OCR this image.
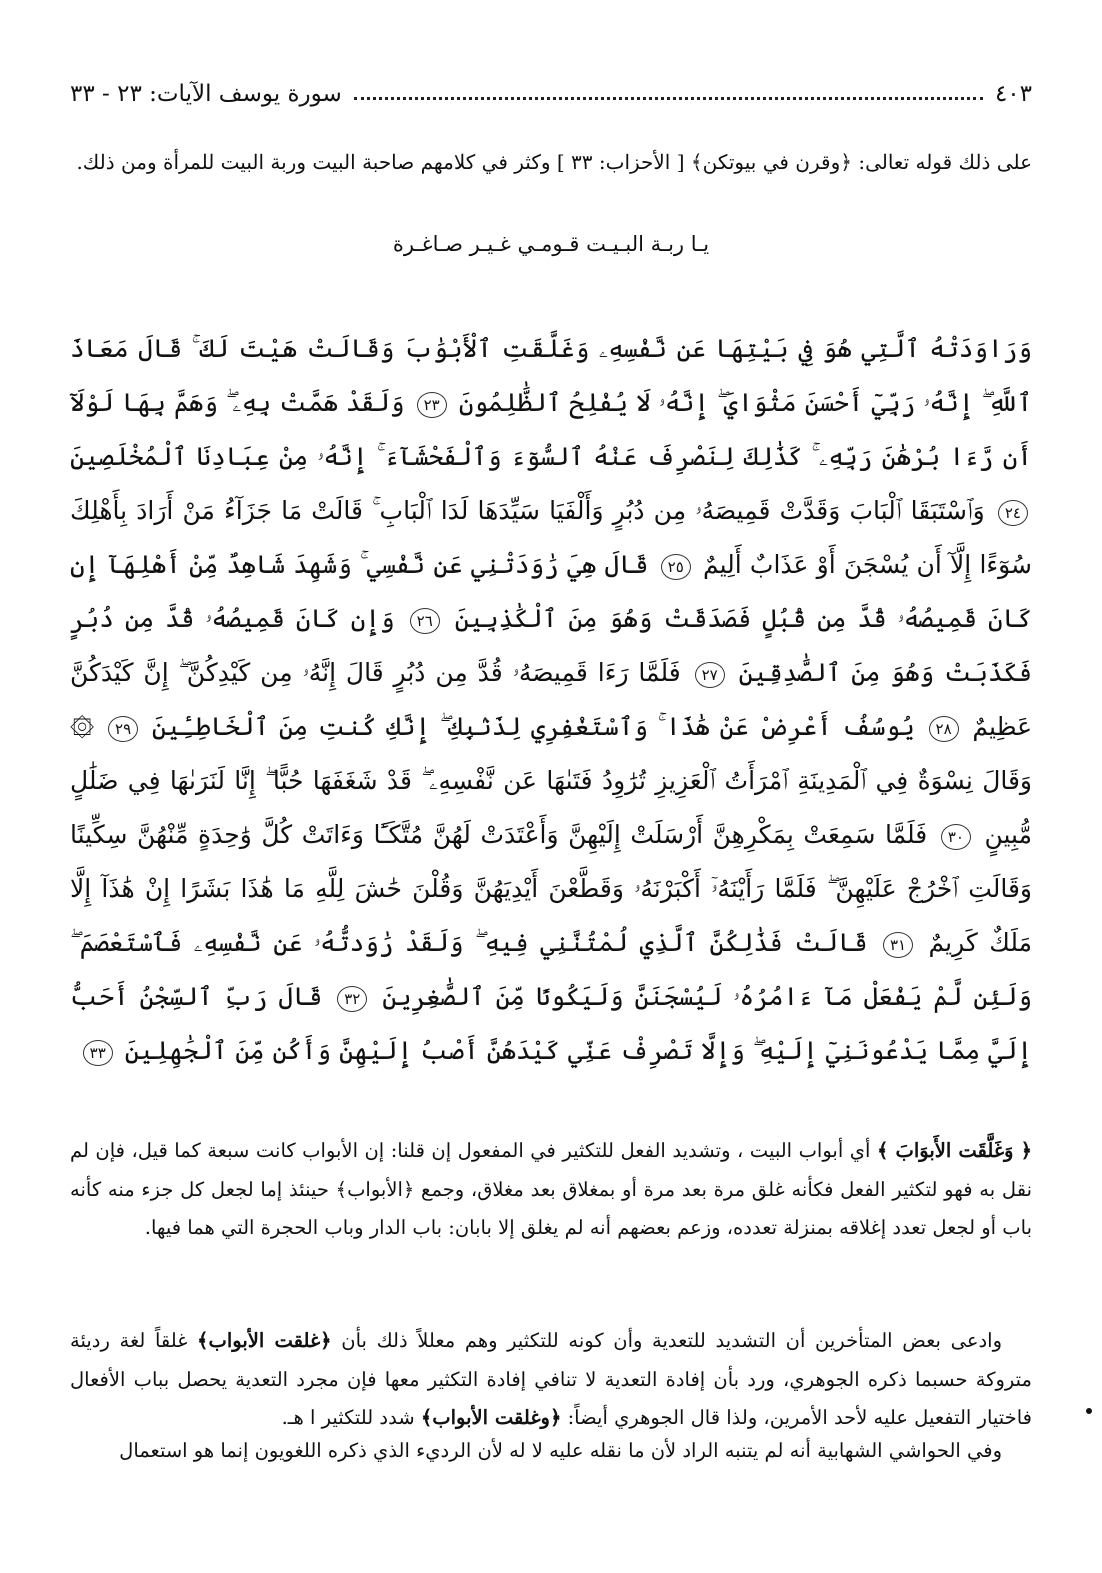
سورة يوسف الآيات: ٢٣ - ٣٣	٤٠٣
على ذلك قوله تعالى: ﴿وقرن في بيوتكن﴾ [ الأحزاب: ٣٣ ] وكثر في كلامهم صاحبة البيت وربة البيت للمرأة ومن ذلك.
يـا ربـة البـيـت قـومـي غـيـر صـاغـرة
وَرَاوَدَتْهُ ٱلَّتِي هُوَ فِي بَيْتِهَا عَن نَّفْسِهِۦ وَغَلَّقَتِ ٱلْأَبْوَٰبَ وَقَالَتْ هَيْتَ لَكَ ۚ قَالَ مَعَاذَ ٱللَّهِ ۖ إِنَّهُۥ رَبِّيٓ أَحْسَنَ مَثْوَايَ ۖ إِنَّهُۥ لَا يُفْلِحُ ٱلظَّٰلِمُونَ ٢٣ وَلَقَدْ هَمَّتْ بِهِۦ ۖ وَهَمَّ بِهَا لَوْلَآ أَن رَّءَا بُرْهَٰنَ رَبِّهِۦ ۚ كَذَٰلِكَ لِنَصْرِفَ عَنْهُ ٱلسُّوٓءَ وَٱلْفَحْشَآءَ ۚ إِنَّهُۥ مِنْ عِبَادِنَا ٱلْمُخْلَصِينَ ٢٤ وَٱسْتَبَقَا ٱلْبَابَ وَقَدَّتْ قَمِيصَهُۥ مِن دُبُرٍ وَأَلْفَيَا سَيِّدَهَا لَدَا ٱلْبَابِ ۚ قَالَتْ مَا جَزَآءُ مَنْ أَرَادَ بِأَهْلِكَ سُوٓءًا إِلَّآ أَن يُسْجَنَ أَوْ عَذَابٌ أَلِيمٌ ٢٥ قَالَ هِيَ رَٰوَدَتْنِي عَن نَّفْسِي ۚ وَشَهِدَ شَاهِدٌ مِّنْ أَهْلِهَآ إِن كَانَ قَمِيصُهُۥ قُدَّ مِن قُبُلٍ فَصَدَقَتْ وَهُوَ مِنَ ٱلْكَٰذِبِينَ ٢٦ وَإِن كَانَ قَمِيصُهُۥ قُدَّ مِن دُبُرٍ فَكَذَبَتْ وَهُوَ مِنَ ٱلصَّٰدِقِينَ ٢٧ فَلَمَّا رَءَا قَمِيصَهُۥ قُدَّ مِن دُبُرٍ قَالَ إِنَّهُۥ مِن كَيْدِكُنَّ ۖ إِنَّ كَيْدَكُنَّ عَظِيمٌ ٢٨ يُوسُفُ أَعْرِضْ عَنْ هَٰذَا ۚ وَٱسْتَغْفِرِي لِذَنۢبِكِ ۖ إِنَّكِ كُنتِ مِنَ ٱلْخَاطِـِٔينَ ٢٩ ۞ وَقَالَ نِسْوَةٌ فِي ٱلْمَدِينَةِ ٱمْرَأَتُ ٱلْعَزِيزِ تُرَٰوِدُ فَتَىٰهَا عَن نَّفْسِهِۦ ۖ قَدْ شَغَفَهَا حُبًّا ۖ إِنَّا لَنَرَىٰهَا فِي ضَلَٰلٍ مُّبِينٍ ٣٠ فَلَمَّا سَمِعَتْ بِمَكْرِهِنَّ أَرْسَلَتْ إِلَيْهِنَّ وَأَعْتَدَتْ لَهُنَّ مُتَّكَـًٔا وَءَاتَتْ كُلَّ وَٰحِدَةٍ مِّنْهُنَّ سِكِّينًا وَقَالَتِ ٱخْرُجْ عَلَيْهِنَّ ۖ فَلَمَّا رَأَيْنَهُۥٓ أَكْبَرْنَهُۥ وَقَطَّعْنَ أَيْدِيَهُنَّ وَقُلْنَ حَٰشَ لِلَّهِ مَا هَٰذَا بَشَرًا إِنْ هَٰذَآ إِلَّا مَلَكٌ كَرِيمٌ ٣١ قَالَتْ فَذَٰلِكُنَّ ٱلَّذِي لُمْتُنَّنِي فِيهِ ۖ وَلَقَدْ رَٰوَدتُّهُۥ عَن نَّفْسِهِۦ فَٱسْتَعْصَمَ ۖ وَلَئِن لَّمْ يَفْعَلْ مَآ ءَامُرُهُۥ لَيُسْجَنَنَّ وَلَيَكُونًا مِّنَ ٱلصَّٰغِرِينَ ٣٢ قَالَ رَبِّ ٱلسِّجْنُ أَحَبُّ إِلَيَّ مِمَّا يَدْعُونَنِيٓ إِلَيْهِ ۖ وَإِلَّا تَصْرِفْ عَنِّي كَيْدَهُنَّ أَصْبُ إِلَيْهِنَّ وَأَكُن مِّنَ ٱلْجَٰهِلِينَ ٣٣
﴿ وَغَلَّقَت الأَبوَابَ ﴾ أي أبواب البيت ، وتشديد الفعل للتكثير في المفعول إن قلنا: إن الأبواب كانت سبعة كما قيل، فإن لم نقل به فهو لتكثير الفعل فكأنه غلق مرة بعد مرة أو بمغلاق بعد مغلاق، وجمع ﴿الأبواب﴾ حينئذ إما لجعل كل جزء منه كأنه باب أو لجعل تعدد إغلاقه بمنزلة تعدده، وزعم بعضهم أنه لم يغلق إلا بابان: باب الدار وباب الحجرة التي هما فيها.
وادعى بعض المتأخرين أن التشديد للتعدية وأن كونه للتكثير وهم معللاً ذلك بأن ﴿غلقت الأبواب﴾ غلقاً لغة رديئة متروكة حسبما ذكره الجوهري، ورد بأن إفادة التعدية لا تنافي إفادة التكثير معها فإن مجرد التعدية يحصل بباب الأفعال فاختيار التفعيل عليه لأحد الأمرين، ولذا قال الجوهري أيضاً: ﴿وغلقت الأبواب﴾ شدد للتكثير ا هـ.
وفي الحواشي الشهابية أنه لم يتنبه الراد لأن ما نقله عليه لا له لأن الرديء الذي ذكره اللغويون إنما هو استعمال
